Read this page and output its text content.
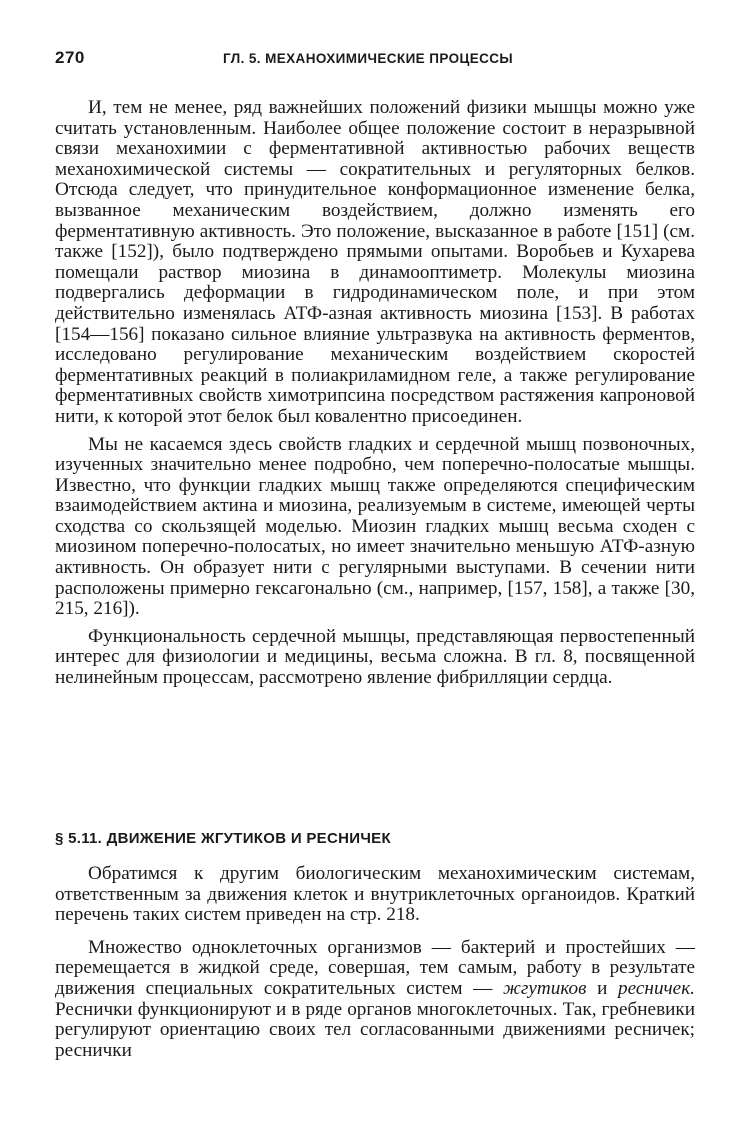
270	ГЛ. 5. МЕХАНОХИМИЧЕСКИЕ ПРОЦЕССЫ

И, тем не менее, ряд важнейших положений физики мышцы можно уже считать установленным. Наиболее общее положение состоит в неразрывной связи механохимии с ферментативной активностью рабочих веществ механохимической системы — сократительных и регуляторных белков. Отсюда следует, что принудительное конформационное изменение белка, вызванное механическим воздействием, должно изменять его ферментативную активность. Это положение, высказанное в работе [151] (см. также [152]), было подтверждено прямыми опытами. Воробьев и Кухарева помещали раствор миозина в динамооптиметр. Молекулы миозина подвергались деформации в гидродинамическом поле, и при этом действительно изменялась АТФ-азная активность миозина [153]. В работах [154—156] показано сильное влияние ультразвука на активность ферментов, исследовано регулирование механическим воздействием скоростей ферментативных реакций в полиакриламидном геле, а также регулирование ферментативных свойств химотрипсина посредством растяжения капроновой нити, к которой этот белок был ковалентно присоединен.

Мы не касаемся здесь свойств гладких и сердечной мышц позвоночных, изученных значительно менее подробно, чем поперечно-полосатые мышцы. Известно, что функции гладких мышц также определяются специфическим взаимодействием актина и миозина, реализуемым в системе, имеющей черты сходства со скользящей моделью. Миозин гладких мышц весьма сходен с миозином поперечно-полосатых, но имеет значительно меньшую АТФ-азную активность. Он образует нити с регулярными выступами. В сечении нити расположены примерно гексагонально (см., например, [157, 158], а также [30, 215, 216]).

Функциональность сердечной мышцы, представляющая первостепенный интерес для физиологии и медицины, весьма сложна. В гл. 8, посвященной нелинейным процессам, рассмотрено явление фибрилляции сердца.

§ 5.11. ДВИЖЕНИЕ ЖГУТИКОВ И РЕСНИЧЕК

Обратимся к другим биологическим механохимическим системам, ответственным за движения клеток и внутриклеточных органоидов. Краткий перечень таких систем приведен на стр. 218.

Множество одноклеточных организмов — бактерий и простейших — перемещается в жидкой среде, совершая, тем самым, работу в результате движения специальных сократительных систем — жгутиков и ресничек. Реснички функционируют и в ряде органов многоклеточных. Так, гребневики регулируют ориентацию своих тел согласованными движениями ресничек; реснички
